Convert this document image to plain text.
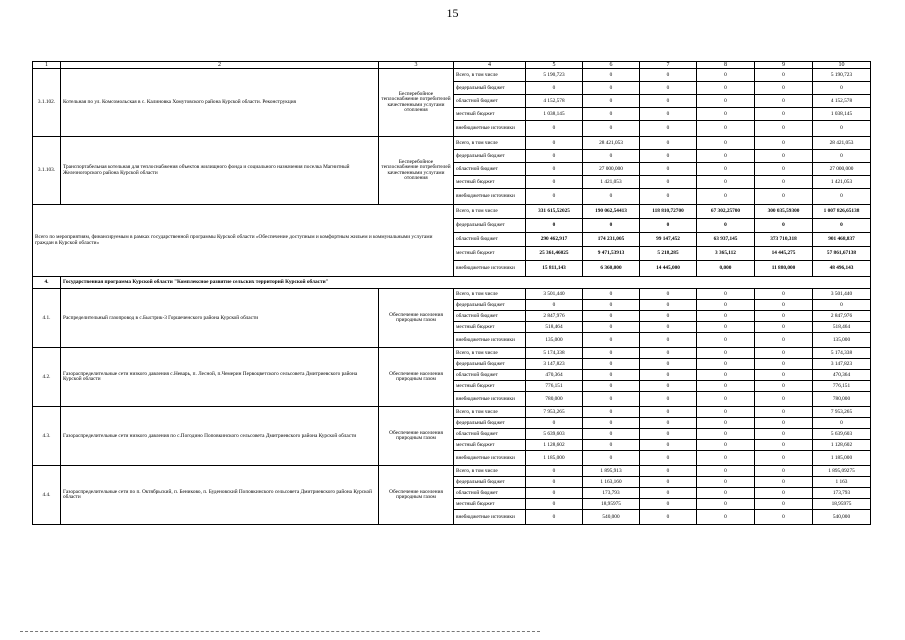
15
1	2	3	4	5	6	7	8	9	10
3.1.102.	Котельная по ул. Комсомольская в с. Калиновка Хомутовского района Курской области. Реконструкция	Бесперебойное теплоснабжение потребителей качественными услугами отопления	Всего, в том числе	5 190,723	0	0	0	0	5 190,723
			федеральный бюджет	0	0	0	0	0	0
			областной бюджет	4 152,578	0	0	0	0	4 152,578
			местный бюджет	1 038,145	0	0	0	0	1 038,145
			внебюджетные источники	0	0	0	0	0	0
3.1.103.	Транспортабельная котельная для теплоснабжения объектов жилищного фонда и социального назначения поселка Магнитный Железногорского района Курской области	Бесперебойное теплоснабжение потребителей качественными услугами отопления	Всего, в том числе	0	28 421,053	0	0	0	28 421,053
			федеральный бюджет	0	0	0	0	0	0
			областной бюджет	0	27 000,000	0	0	0	27 000,000
			местный бюджет	0	1 421,053	0	0	0	1 421,053
			внебюджетные источники	0	0	0	0	0	0
Всего по мероприятиям, финансируемым в рамках государственной программы Курской области «Обеспечение доступным и комфортным жильем и коммунальными услугами граждан в Курской области»			Всего, в том числе	331 615,52025	190 062,54413	118 810,72700	67 302,25700	300 035,59300	1 007 826,65138
			федеральный бюджет	0	0	0	0	0	0
			областной бюджет	290 462,917	174 231,005	99 147,452	63 937,145	373 710,318	901 468,837
			местный бюджет	25 361,46025	9 471,53913	5 218,285	3 365,112	14 445,275	57 861,67138
			внебюджетные источники	15 811,143	6 360,000	14 445,000	0,000	11 880,000	48 496,143
4.	Государственная программа Курской области "Комплексное развитие сельских территорий Курской области"								
4.1.	Распределительный газопровод в с.Быстрик-3 Горшеченского района Курской области	Обеспечение населения природным газом	Всего, в том числе	3 501,440	0	0	0	0	3 501,440
			федеральный бюджет	0	0	0	0	0	0
			областной бюджет	2 847,976	0	0	0	0	2 847,976
			местный бюджет	518,464	0	0	0	0	518,464
			внебюджетные источники	135,000	0	0	0	0	135,000
4.2.	Газораспределительные сети низкого давления с.Неварь, п. Лесной, п.Чемерин Первоцветского сельсовета Дмитриевского района Курской области	Обеспечение населения природным газом	Всего, в том числе	5 174,338	0	0	0	0	5 174,338
			федеральный бюджет	3 147,823	0	0	0	0	3 147,823
			областной бюджет	470,364	0	0	0	0	470,364
			местный бюджет	776,151	0	0	0	0	776,151
			внебюджетные источники	780,000	0	0	0	0	780,000
4.3.	Газораспределительные сети низкого давления по с.Погодино Поповкинского сельсовета Дмитриевского района Курской области	Обеспечение населения природным газом	Всего, в том числе	7 953,265	0	0	0	0	7 953,265
			федеральный бюджет	0	0	0	0	0	0
			областной бюджет	5 639,603	0	0	0	0	5 639,603
			местный бюджет	1 128,602	0	0	0	0	1 128,602
			внебюджетные источники	1 185,000	0	0	0	0	1 185,000
4.4.	Газораспределительные сети по п. Октябрьский, п. Бениково, п. Буденовский Поповкинского сельсовета Дмитриевского района Курской области	Обеспечение населения природным газом	Всего, в том числе	0	1 895,913	0	0	0	1 895,09275
			федеральный бюджет	0	1 163,160	0	0	0	1 163
			областной бюджет	0	173,793	0	0	0	173,793
			местный бюджет	0	18,95975	0	0	0	18,95975
			внебюджетные источники	0	540,000	0	0	0	540,000
